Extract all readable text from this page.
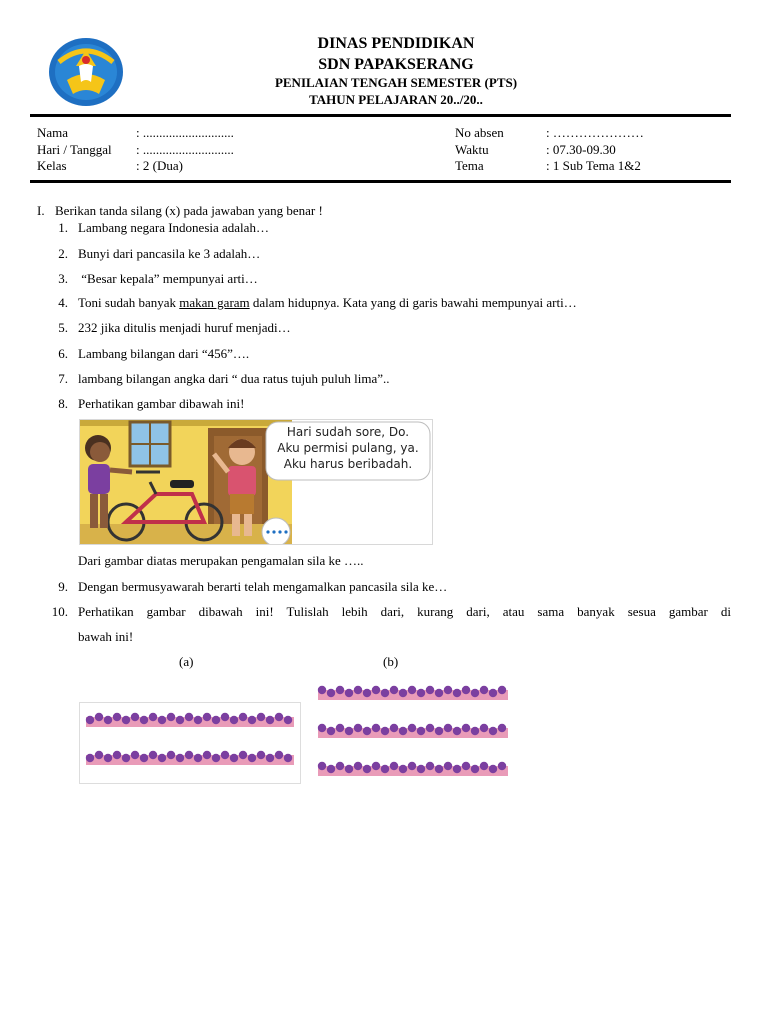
DINAS PENDIDIKAN
SDN PAPAKSERANG
PENILAIAN TENGAH SEMESTER (PTS)
TAHUN PELAJARAN 20../20..
Nama	: ............................
Hari / Tanggal : ............................
Kelas	: 2 (Dua)
No absen	: …………………
Waktu	: 07.30-09.30
Tema	: 1 Sub Tema 1&2
I. Berikan tanda silang (x) pada jawaban yang benar !
1. Lambang negara Indonesia adalah…
2. Bunyi dari pancasila ke 3 adalah…
3. “Besar kepala” mempunyai arti…
4. Toni sudah banyak makan garam dalam hidupnya. Kata yang di garis bawahi mempunyai arti…
5. 232 jika ditulis menjadi huruf menjadi…
6. Lambang bilangan dari “456”….
7. lambang bilangan angka dari “ dua ratus tujuh puluh lima”..
8. Perhatikan gambar dibawah ini!
Hari sudah sore, Do.
Aku permisi pulang, ya.
Aku harus beribadah.
Dari gambar diatas merupakan pengamalan sila ke …..
9. Dengan bermusyawarah berarti telah mengamalkan pancasila sila ke…
10. Perhatikan gambar dibawah ini! Tulislah lebih dari, kurang dari, atau sama banyak sesua gambar di
bawah ini!
(a)	(b)
